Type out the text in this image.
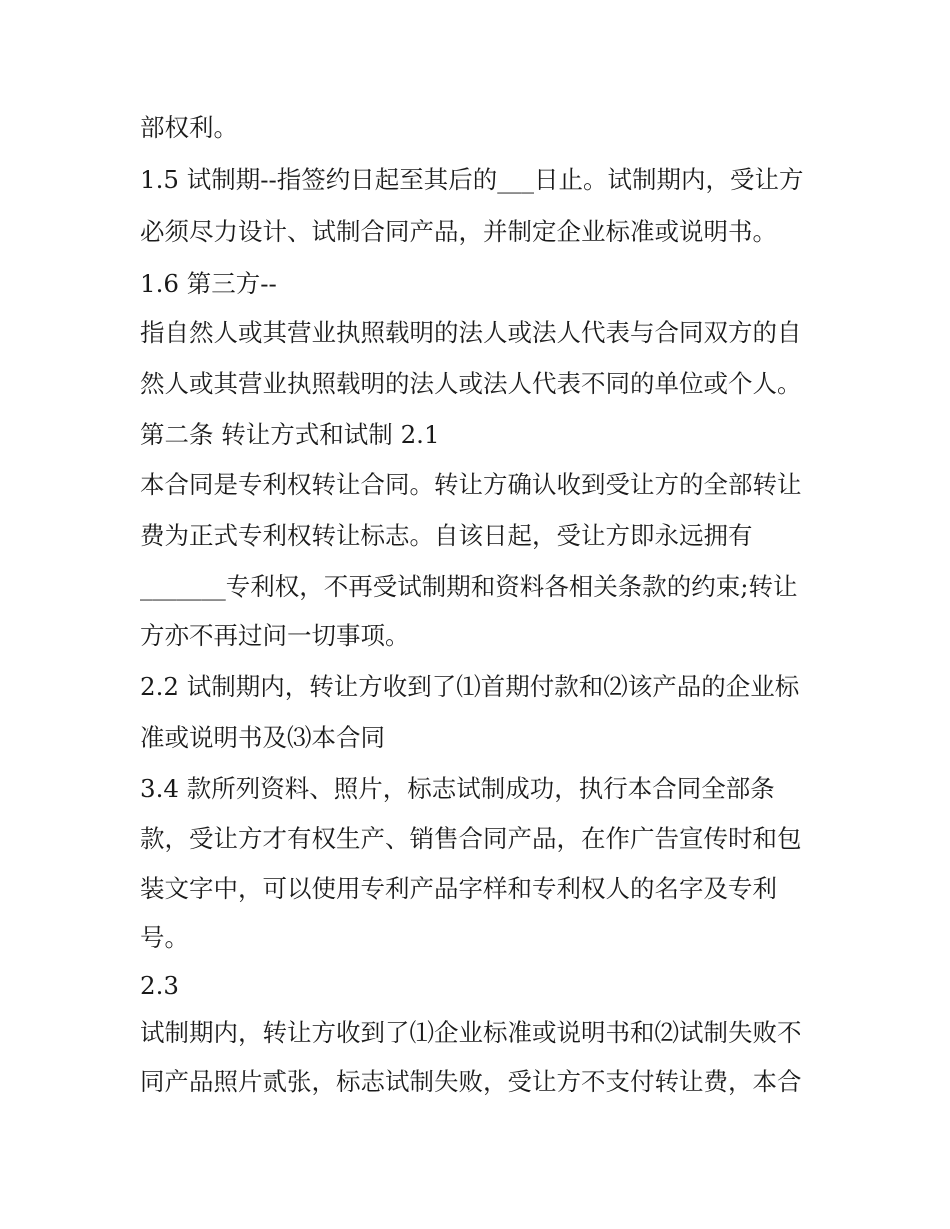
部权利。
1.5 试制期--指签约日起至其后的___日止。试制期内，受让方
必须尽力设计、试制合同产品，并制定企业标准或说明书。
1.6 第三方--
指自然人或其营业执照载明的法人或法人代表与合同双方的自
然人或其营业执照载明的法人或法人代表不同的单位或个人。
第二条 转让方式和试制 2.1
本合同是专利权转让合同。转让方确认收到受让方的全部转让
费为正式专利权转让标志。自该日起，受让方即永远拥有
_______专利权，不再受试制期和资料各相关条款的约束;转让
方亦不再过问一切事项。
2.2 试制期内，转让方收到了⑴首期付款和⑵该产品的企业标
准或说明书及⑶本合同
3.4 款所列资料、照片，标志试制成功，执行本合同全部条
款，受让方才有权生产、销售合同产品，在作广告宣传时和包
装文字中，可以使用专利产品字样和专利权人的名字及专利
号。
2.3
试制期内，转让方收到了⑴企业标准或说明书和⑵试制失败不
同产品照片贰张，标志试制失败，受让方不支付转让费，本合
